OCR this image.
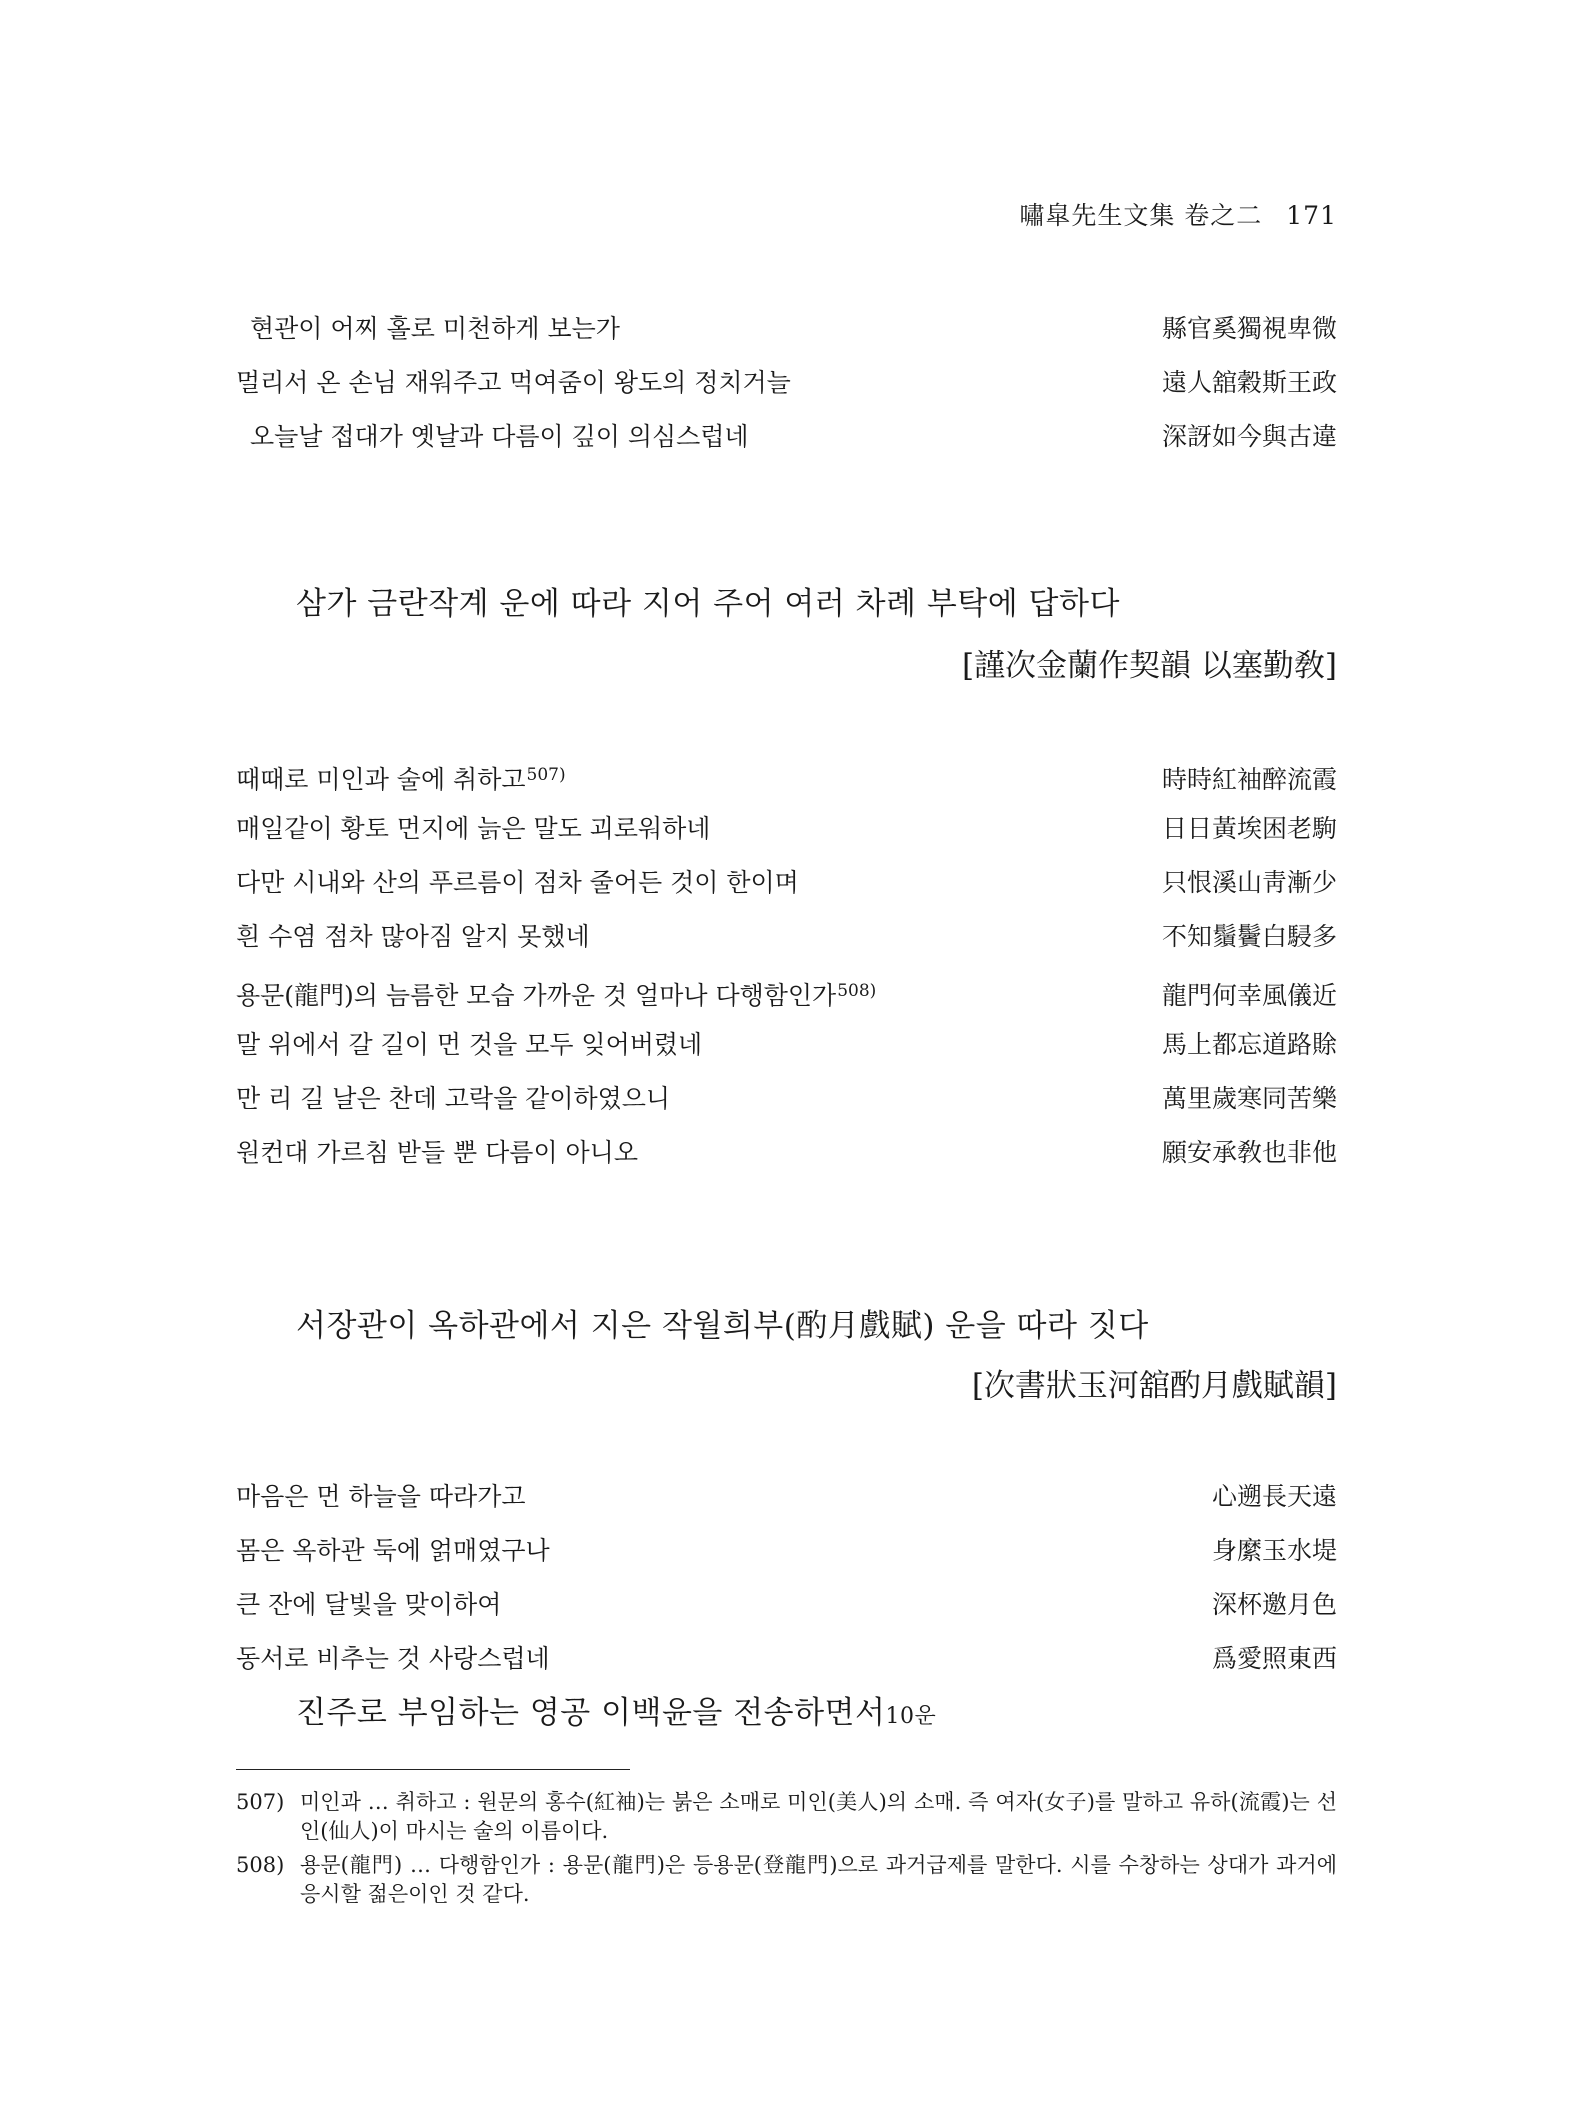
嘯皐先生文集 卷之二 171
현관이 어찌 홀로 미천하게 보는가	縣官奚獨視卑微
멀리서 온 손님 재워주고 먹여줌이 왕도의 정치거늘	遠人舘穀斯王政
오늘날 접대가 옛날과 다름이 깊이 의심스럽네	深訝如今與古違
삼가 금란작계 운에 따라 지어 주어 여러 차례 부탁에 답하다
[謹次金蘭作契韻 以塞勤敎]
때때로 미인과 술에 취하고$^{507)}$	時時紅袖醉流霞
매일같이 황토 먼지에 늙은 말도 괴로워하네	日日黃埃困老駒
다만 시내와 산의 푸르름이 점차 줄어든 것이 한이며	只恨溪山靑漸少
흰 수염 점차 많아짐 알지 못했네	不知鬚鬢白駸多
용문(龍門)의 늠름한 모습 가까운 것 얼마나 다행함인가$^{508)}$	龍門何幸風儀近
말 위에서 갈 길이 먼 것을 모두 잊어버렸네	馬上都忘道路賖
만 리 길 날은 찬데 고락을 같이하였으니	萬里歲寒同苦樂
원컨대 가르침 받들 뿐 다름이 아니오	願安承敎也非他
서장관이 옥하관에서 지은 작월희부(酌月戲賦) 운을 따라 짓다
[次書狀玉河舘酌月戲賦韻]
마음은 먼 하늘을 따라가고	心遡長天遠
몸은 옥하관 둑에 얽매였구나	身縻玉水堤
큰 잔에 달빛을 맞이하여	深杯邀月色
동서로 비추는 것 사랑스럽네	爲愛照東西
진주로 부임하는 영공 이백윤을 전송하면서10운
507) 미인과 … 취하고 : 원문의 홍수(紅袖)는 붉은 소매로 미인(美人)의 소매. 즉 여자(女子)를 말하고 유하(流霞)는 선인(仙人)이 마시는 술의 이름이다.
508) 용문(龍門) … 다행함인가 : 용문(龍門)은 등용문(登龍門)으로 과거급제를 말한다. 시를 수창하는 상대가 과거에 응시할 젊은이인 것 같다.
